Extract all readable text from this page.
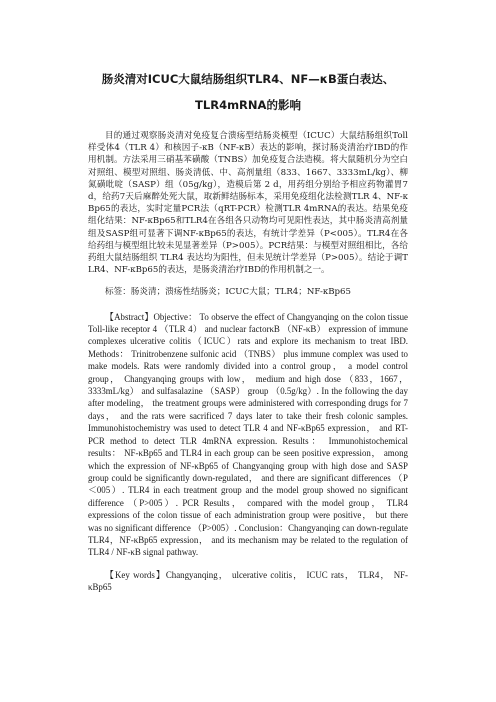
肠炎清对ICUC大鼠结肠组织TLR4、NF—κB蛋白表达、
TLR4mRNA的影响

目的通过观察肠炎清对免疫复合溃疡型结肠炎模型（ICUC）大鼠结肠组织Toll样受体4（TLR 4）和核因子-κB（NF-κB）表达的影响，探讨肠炎清治疗IBD的作用机制。方法采用三硝基苯磺酸（TNBS）加免疫复合法造模。将大鼠随机分为空白对照组、模型对照组、肠炎清低、中、高剂量组（833、1667、3333mL/kg）、柳氮磺吡啶（SASP）组（05g/kg），造模后第 2 d，用药组分别给予相应药物灌胃7d，给药7天后麻醉处死大鼠，取新鲜结肠标本，采用免疫组化法检测TLR 4、NF-κBp65的表达，实时定量PCR法（qRT-PCR）检测TLR 4mRNA的表达。结果免疫组化结果：NF-κBp65和TLR4在各组各只动物均可见阳性表达，其中肠炎清高剂量组及SASP组可显著下调NF-κBp65的表达，有统计学差异（P<005）。TLR4在各给药组与模型组比较未见显著差异（P>005）。PCR结果：与模型对照组相比，各给药组大鼠结肠组织 TLR4 表达均为阳性，但未见统计学差异（P>005）。结论于调TLR4、NF-κBp65的表达，是肠炎清治疗IBD的作用机制之一。

标签：肠炎清；溃疡性结肠炎；ICUC大鼠；TLR4；NF-κBp65

【Abstract】Objective： To observe the effect of Changyanqing on the colon tissue Toll-like receptor 4 （TLR 4） and nuclear factorκB （NF-κB） expression of immune complexes ulcerative colitis（ICUC）rats and explore its mechanism to treat IBD. Methods： Trinitrobenzene sulfonic acid （TNBS） plus immune complex was used to make models. Rats were randomly divided into a control group， a model control group， Changyanqing groups with low， medium and high dose （833，1667， 3333mL/kg） and sulfasalazine （SASP） group （0.5g/kg）. In the following the day after modeling， the treatment groups were administered with corresponding drugs for 7 days， and the rats were sacrificed 7 days later to take their fresh colonic samples. Immunohistochemistry was used to detect TLR 4 and NF-κBp65 expression， and RT-PCR method to detect TLR 4mRNA expression. Results： Immunohistochemical results： NF-κBp65 and TLR4 in each group can be seen positive expression， among which the expression of NF-κBp65 of Changyanqing group with high dose and SASP group could be significantly down-regulated， and there are significant differences （P＜005）. TLR4 in each treatment group and the model group showed no significant difference （P>005）. PCR Results， compared with the model group， TLR4 expressions of the colon tissue of each administration group were positive， but there was no significant difference （P>005）. Conclusion：Changyanqing can down-regulate TLR4，NF-κBp65 expression， and its mechanism may be related to the regulation of TLR4 / NF-κB signal pathway.

【Key words】Changyanqing， ulcerative colitis， ICUC rats， TLR4， NF-κBp65
